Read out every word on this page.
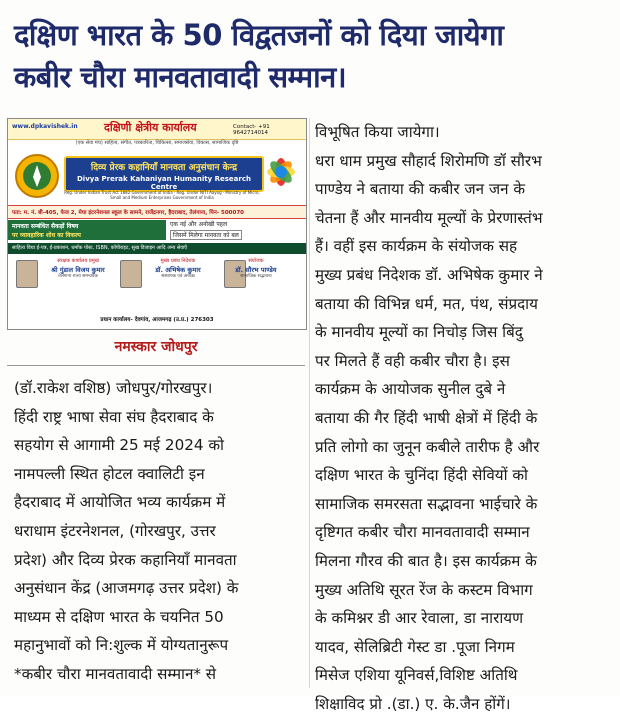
दक्षिण भारत के 50 विद्वतजनों को दिया जायेगा
कबीर चौरा मानवतावादी सम्मान।
www.dpkavishek.in दक्षिणी क्षेत्रीय कार्यालय	Contact- +91 9642714014
(एक सेवा मंच) साहित्य, संगीत, पत्रकारिता, चिकित्सा, समाजसेवा, विकास, सामाजिक दृष्टि
दिव्य प्रेरक कहानियाँ मानवता अनुसंधान केन्द्र
Divya Prerak Kahaniyan Humanity Research Centre
Reg. Under Indian Trust Act 1882 Government of India · Reg. Under NITI Aayog · Ministry of Micro, Small and Medium Enterprises Government of India
पता: म. नं. बी-405, फेज 2, मेघा इंटरनेशनल स्कूल के सामने, राजेंद्रनगर, हैदराबाद, तेलंगाना, पिन- 500070
मानवता सम्बंधित सैकड़ों विषय
पर व्यावहारिक शोध का विकल्प
एक नई और अनोखी पहल
जिसमें मिलेगा मानवता को बल
साहित्य विधा ई-पत्र, ई-प्रकाशन, धर्मांक पोस्ट, ISBN, कॉपीराइट, सुख डिजाइन आदि अन्य सेवाएँ
संरक्षक कार्यालय प्रमुख
श्री गुंडाल विजय कुमार
तेलंगाना राज्य समन्वयक
मुख्य प्रबंध निदेशक
डॉ. अभिषेक कुमार
संस्थापक एवं अध्यक्ष
संयोजक
डॉ. सौरभ पाण्डेय
सामाजिक सद्भावना
प्रधान कार्यालय- देवगांव, आजमगढ़ (उ.प्र.) 276303
नमस्कार जोधपुर
(डॉ.राकेश वशिष्ठ) जोधपुर/गोरखपुर।
हिंदी राष्ट्र भाषा सेवा संघ हैदराबाद के
सहयोग से आगामी 25 मई 2024 को
नामपल्ली स्थित होटल क्वालिटी इन
हैदराबाद में आयोजित भव्य कार्यक्रम में
धराधाम इंटरनेशनल, (गोरखपुर, उत्तर
प्रदेश) और दिव्य प्रेरक कहानियाँ मानवता
अनुसंधान केंद्र (आजमगढ़ उत्तर प्रदेश) के
माध्यम से दक्षिण भारत के चयनित 50
महानुभावों को नि:शुल्क में योग्यतानुरूप
*कबीर चौरा मानवतावादी सम्मान* से
विभूषित किया जायेगा।
धरा धाम प्रमुख सौहार्द शिरोमणि डॉ सौरभ
पाण्डेय ने बताया की कबीर जन जन के
चेतना हैं और मानवीय मूल्यों के प्रेरणास्तंभ
हैं। वहीं इस कार्यक्रम के संयोजक सह
मुख्य प्रबंध निदेशक डॉ. अभिषेक कुमार ने
बताया की विभिन्न धर्म, मत, पंथ, संप्रदाय
के मानवीय मूल्यों का निचोड़ जिस बिंदु
पर मिलते हैं वही कबीर चौरा है। इस
कार्यक्रम के आयोजक सुनील दुबे ने
बताया की गैर हिंदी भाषी क्षेत्रों में हिंदी के
प्रति लोगो का जुनून कबीले तारीफ है और
दक्षिण भारत के चुनिंदा हिंदी सेवियों को
सामाजिक समरसता सद्भावना भाईचारे के
दृष्टिगत कबीर चौरा मानवतावादी सम्मान
मिलना गौरव की बात है। इस कार्यक्रम के
मुख्य अतिथि सूरत रेंज के कस्टम विभाग
के कमिश्नर डी आर रेवाला, डा नारायण
यादव, सेलिब्रिटी गेस्ट डा .पूजा निगम
मिसेज एशिया यूनिवर्स,विशिष्ट अतिथि
शिक्षाविद प्रो .(डा.) ए. के.जैन होंगें।
